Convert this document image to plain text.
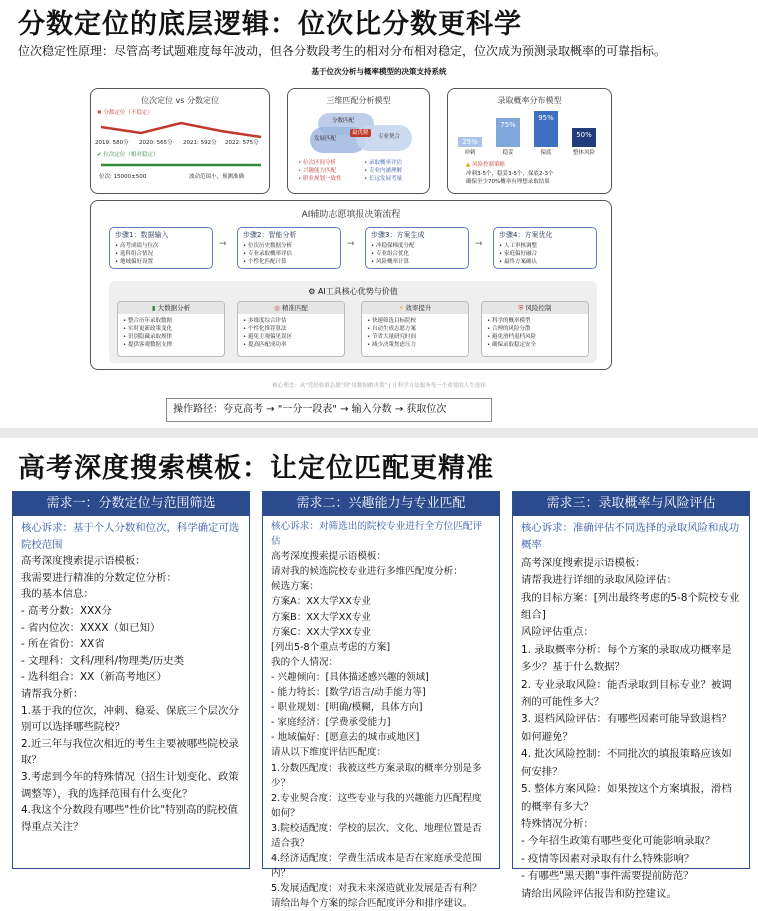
分数定位的底层逻辑：位次比分数更科学
位次稳定性原理：尽管高考试题难度每年波动，但各分数段考生的相对分布相对稳定，位次成为预测录取概率的可靠指标。
基于位次分析与概率模型的决策支持系统
位次定位 vs 分数定位
✖ 分数定位（不稳定）
2019: 580分 2020: 565分 2021: 592分 2022: 575分
✔ 位次定位（相对稳定）
位次: 15000±500	波动范围小，预测准确
三维匹配分析模型
分数匹配
发展匹配	专业契合
最优解
• 位次区间分析
• 兴趣能力匹配
• 职业规划一致性
• 录取概率评估
• 专业内涵理解
• 长远发展考量
录取概率分布模型
25%
冲刺
75%
稳妥
95%
保底
50%
整体风险
▲ 风险控制策略
冲刺3-5个，稳妥3-5个，保底2-3个
确保至少70%概率有理想录取结果
AI辅助志愿填报决策流程
步骤1：数据输入
• 高考成绩与位次
• 选科组合情况
• 地域偏好设置
→
步骤2：智能分析
• 位次历史数据分析
• 专业录取概率评估
• 个性化匹配计算
→
步骤3：方案生成
• 冲稳保梯度分配
• 专业组合优化
• 风险概率计算
→
步骤4：方案优化
• 人工审核调整
• 家庭偏好融合
• 最终方案确认
⚙ AI工具核心优势与价值
▮ 大数据分析
• 整合历年录取数据
• 实时更新政策变化
• 识别隐藏录取规律
• 提供客观数据支撑
◎ 精准匹配
• 多维度综合评估
• 个性化推荐算法
• 避免主观偏见误区
• 提高匹配成功率
⚡ 效率提升
• 快速筛选目标院校
• 自动生成志愿方案
• 节省大量研究时间
• 减少决策焦虑压力
⛨ 风险控制
• 科学的概率模型
• 合理的风险分散
• 避免滑档退档风险
• 确保录取稳定安全
核心理念：从"凭经验填志愿"到"用数据做决策" | 让科学方法服务每一个重要的人生选择
操作路径：夸克高考 → "一分一段表" → 输入分数 → 获取位次
高考深度搜索模板：让定位匹配更精准
需求一：分数定位与范围筛选
核心诉求：基于个人分数和位次，科学确定可选院校范围
高考深度搜索提示语模板：
我需要进行精准的分数定位分析：
我的基本信息：
- 高考分数：XXX分
- 省内位次：XXXX（如已知）
- 所在省份：XX省
- 文理科：文科/理科/物理类/历史类
- 选科组合：XX（新高考地区）
请帮我分析：
1.基于我的位次，冲刺、稳妥、保底三个层次分别可以选择哪些院校？
2.近三年与我位次相近的考生主要被哪些院校录取？
3.考虑到今年的特殊情况（招生计划变化、政策调整等），我的选择范围有什么变化？
4.我这个分数段有哪些"性价比"特别高的院校值得重点关注？
需求二：兴趣能力与专业匹配
核心诉求：对筛选出的院校专业进行全方位匹配评估
高考深度搜索提示语模板：
请对我的候选院校专业进行多维匹配度分析：
候选方案：
方案A：XX大学XX专业
方案B：XX大学XX专业
方案C：XX大学XX专业
[列出5-8个重点考虑的方案]
我的个人情况：
- 兴趣倾向：[具体描述感兴趣的领域]
- 能力特长：[数学/语言/动手能力等]
- 职业规划：[明确/模糊，具体方向]
- 家庭经济：[学费承受能力]
- 地域偏好：[愿意去的城市或地区]
请从以下维度评估匹配度：
1.分数匹配度：我被这些方案录取的概率分别是多少？
2.专业契合度：这些专业与我的兴趣能力匹配程度如何？
3.院校适配度：学校的层次、文化、地理位置是否适合我？
4.经济适配度：学费生活成本是否在家庭承受范围内？
5.发展适配度：对我未来深造就业发展是否有利？
请给出每个方案的综合匹配度评分和排序建议。
需求三：录取概率与风险评估
核心诉求：准确评估不同选择的录取风险和成功概率
高考深度搜索提示语模板：
请帮我进行详细的录取风险评估：
我的目标方案：[列出最终考虑的5-8个院校专业组合]
风险评估重点：
1. 录取概率分析：每个方案的录取成功概率是多少？基于什么数据？
2. 专业录取风险：能否录取到目标专业？被调剂的可能性多大？
3. 退档风险评估：有哪些因素可能导致退档？如何避免？
4. 批次风险控制：不同批次的填报策略应该如何安排？
5. 整体方案风险：如果按这个方案填报，滑档的概率有多大？
特殊情况分析：
- 今年招生政策有哪些变化可能影响录取？
- 疫情等因素对录取有什么特殊影响？
- 有哪些"黑天鹅"事件需要提前防范？
请给出风险评估报告和防控建议。
